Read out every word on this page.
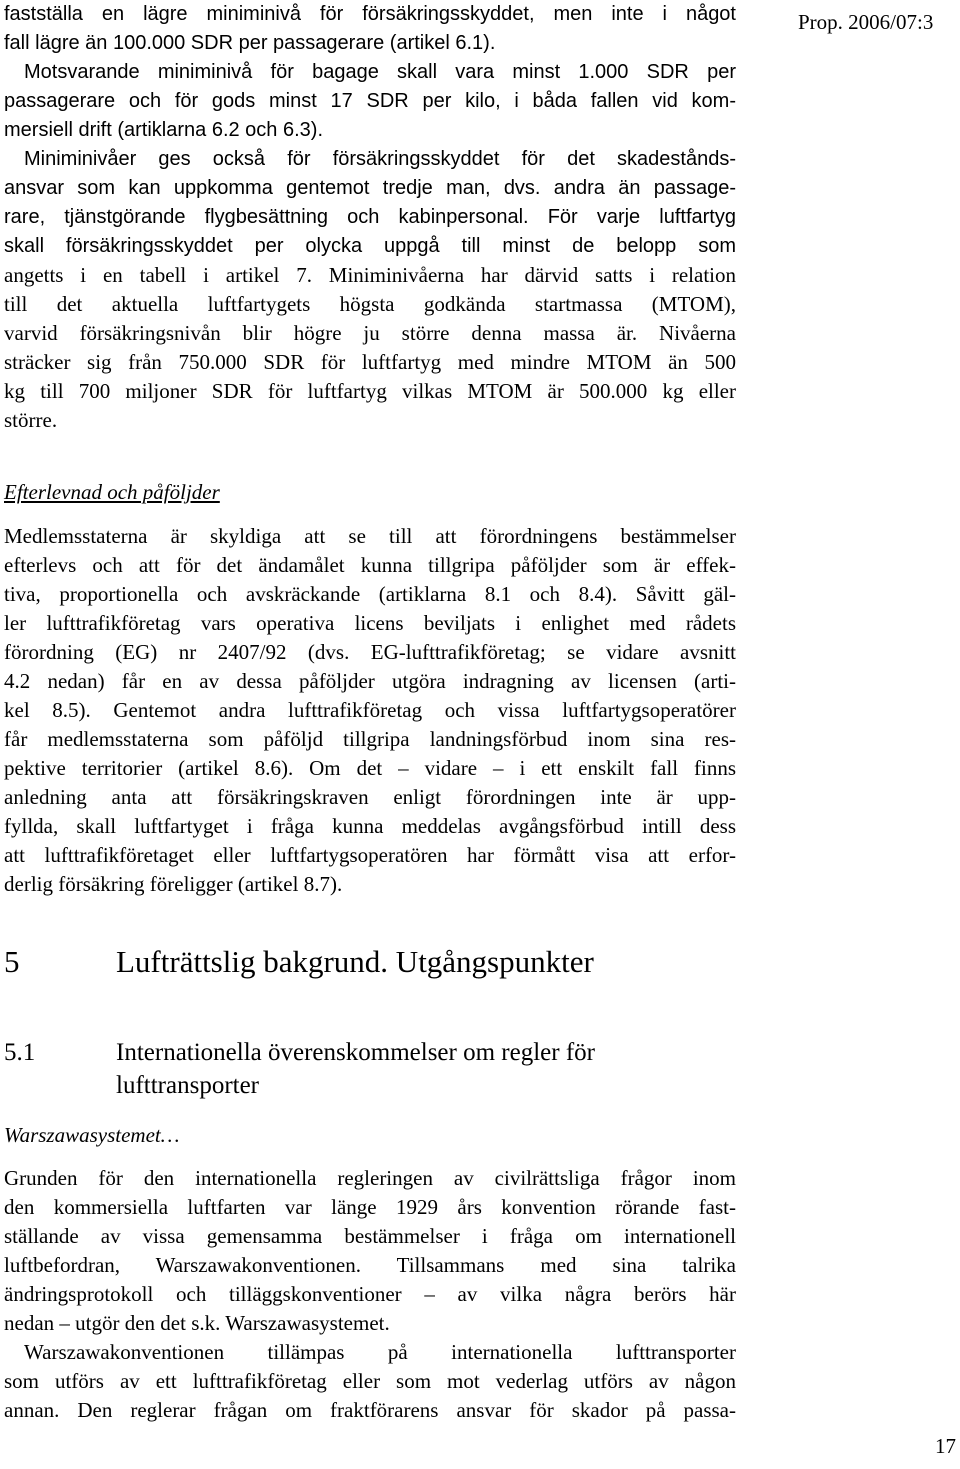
Prop. 2006/07:3
fastställa en lägre miniminivå för försäkringsskyddet, men inte i något
fall lägre än 100.000 SDR per passagerare (artikel 6.1).
Motsvarande miniminivå för bagage skall vara minst 1.000 SDR per
passagerare och för gods minst 17 SDR per kilo, i båda fallen vid kom-
mersiell drift (artiklarna 6.2 och 6.3).
Miniminivåer ges också för försäkringsskyddet för det skadestånds-
ansvar som kan uppkomma gentemot tredje man, dvs. andra än passage-
rare, tjänstgörande flygbesättning och kabinpersonal. För varje luftfartyg
skall försäkringsskyddet per olycka uppgå till minst de belopp som
angetts i en tabell i artikel 7. Miniminivåerna har därvid satts i relation
till det aktuella luftfartygets högsta godkända startmassa (MTOM),
varvid försäkringsnivån blir högre ju större denna massa är. Nivåerna
sträcker sig från 750.000 SDR för luftfartyg med mindre MTOM än 500
kg till 700 miljoner SDR för luftfartyg vilkas MTOM är 500.000 kg eller
större.
Efterlevnad och påföljder
Medlemsstaterna är skyldiga att se till att förordningens bestämmelser
efterlevs och att för det ändamålet kunna tillgripa påföljder som är effek-
tiva, proportionella och avskräckande (artiklarna 8.1 och 8.4). Såvitt gäl-
ler lufttrafikföretag vars operativa licens beviljats i enlighet med rådets
förordning (EG) nr 2407/92 (dvs. EG-lufttrafikföretag; se vidare avsnitt
4.2 nedan) får en av dessa påföljder utgöra indragning av licensen (arti-
kel 8.5). Gentemot andra lufttrafikföretag och vissa luftfartygsoperatörer
får medlemsstaterna som påföljd tillgripa landningsförbud inom sina res-
pektive territorier (artikel 8.6). Om det – vidare – i ett enskilt fall finns
anledning anta att försäkringskraven enligt förordningen inte är upp-
fyllda, skall luftfartyget i fråga kunna meddelas avgångsförbud intill dess
att lufttrafikföretaget eller luftfartygsoperatören har förmått visa att erfor-
derlig försäkring föreligger (artikel 8.7).
5	Lufträttslig bakgrund. Utgångspunkter
5.1	Internationella överenskommelser om regler för
lufttransporter
Warszawasystemet…
Grunden för den internationella regleringen av civilrättsliga frågor inom
den kommersiella luftfarten var länge 1929 års konvention rörande fast-
ställande av vissa gemensamma bestämmelser i fråga om internationell
luftbefordran, Warszawakonventionen. Tillsammans med sina talrika
ändringsprotokoll och tilläggskonventioner – av vilka några berörs här
nedan – utgör den det s.k. Warszawasystemet.
Warszawakonventionen tillämpas på internationella lufttransporter
som utförs av ett lufttrafikföretag eller som mot vederlag utförs av någon
annan. Den reglerar frågan om fraktförarens ansvar för skador på passa-
17
